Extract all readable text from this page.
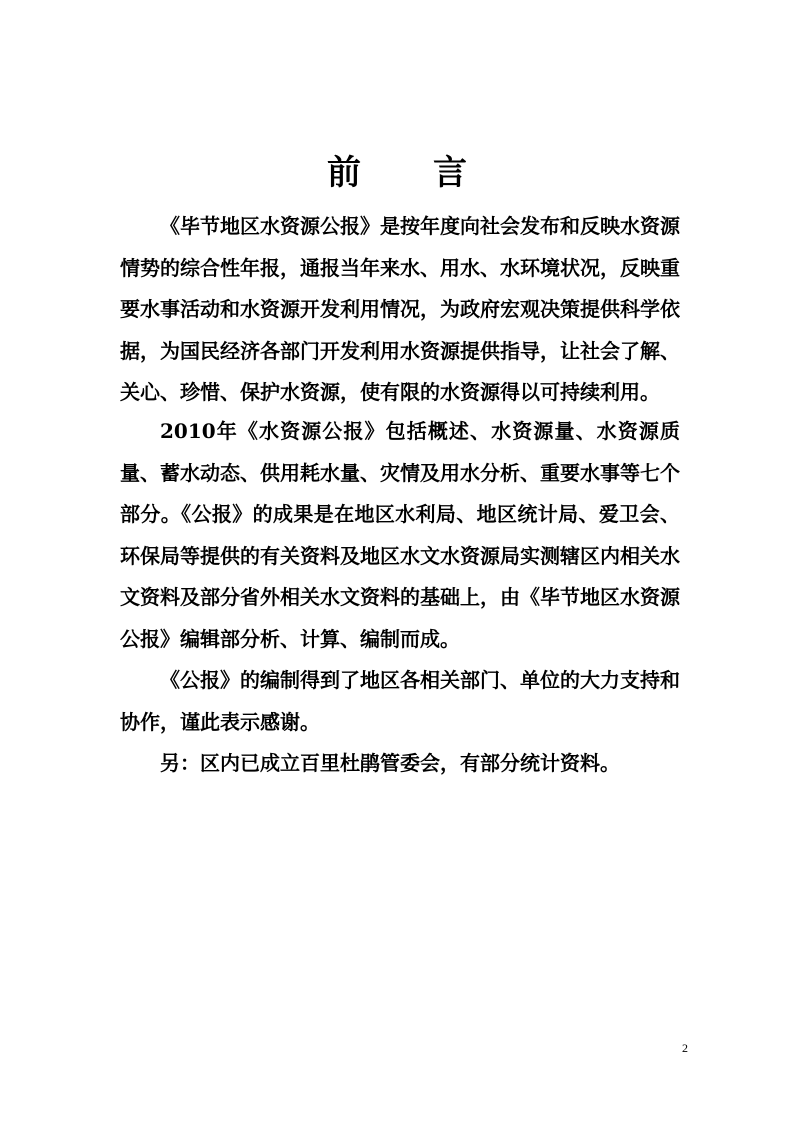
前言

《毕节地区水资源公报》是按年度向社会发布和反映水资源情势的综合性年报，通报当年来水、用水、水环境状况，反映重要水事活动和水资源开发利用情况，为政府宏观决策提供科学依据，为国民经济各部门开发利用水资源提供指导，让社会了解、关心、珍惜、保护水资源，使有限的水资源得以可持续利用。

2010年《水资源公报》包括概述、水资源量、水资源质量、蓄水动态、供用耗水量、灾情及用水分析、重要水事等七个部分。《公报》的成果是在地区水利局、地区统计局、爱卫会、环保局等提供的有关资料及地区水文水资源局实测辖区内相关水文资料及部分省外相关水文资料的基础上，由《毕节地区水资源公报》编辑部分析、计算、编制而成。

《公报》的编制得到了地区各相关部门、单位的大力支持和协作，谨此表示感谢。

另：区内已成立百里杜鹃管委会，有部分统计资料。

2
